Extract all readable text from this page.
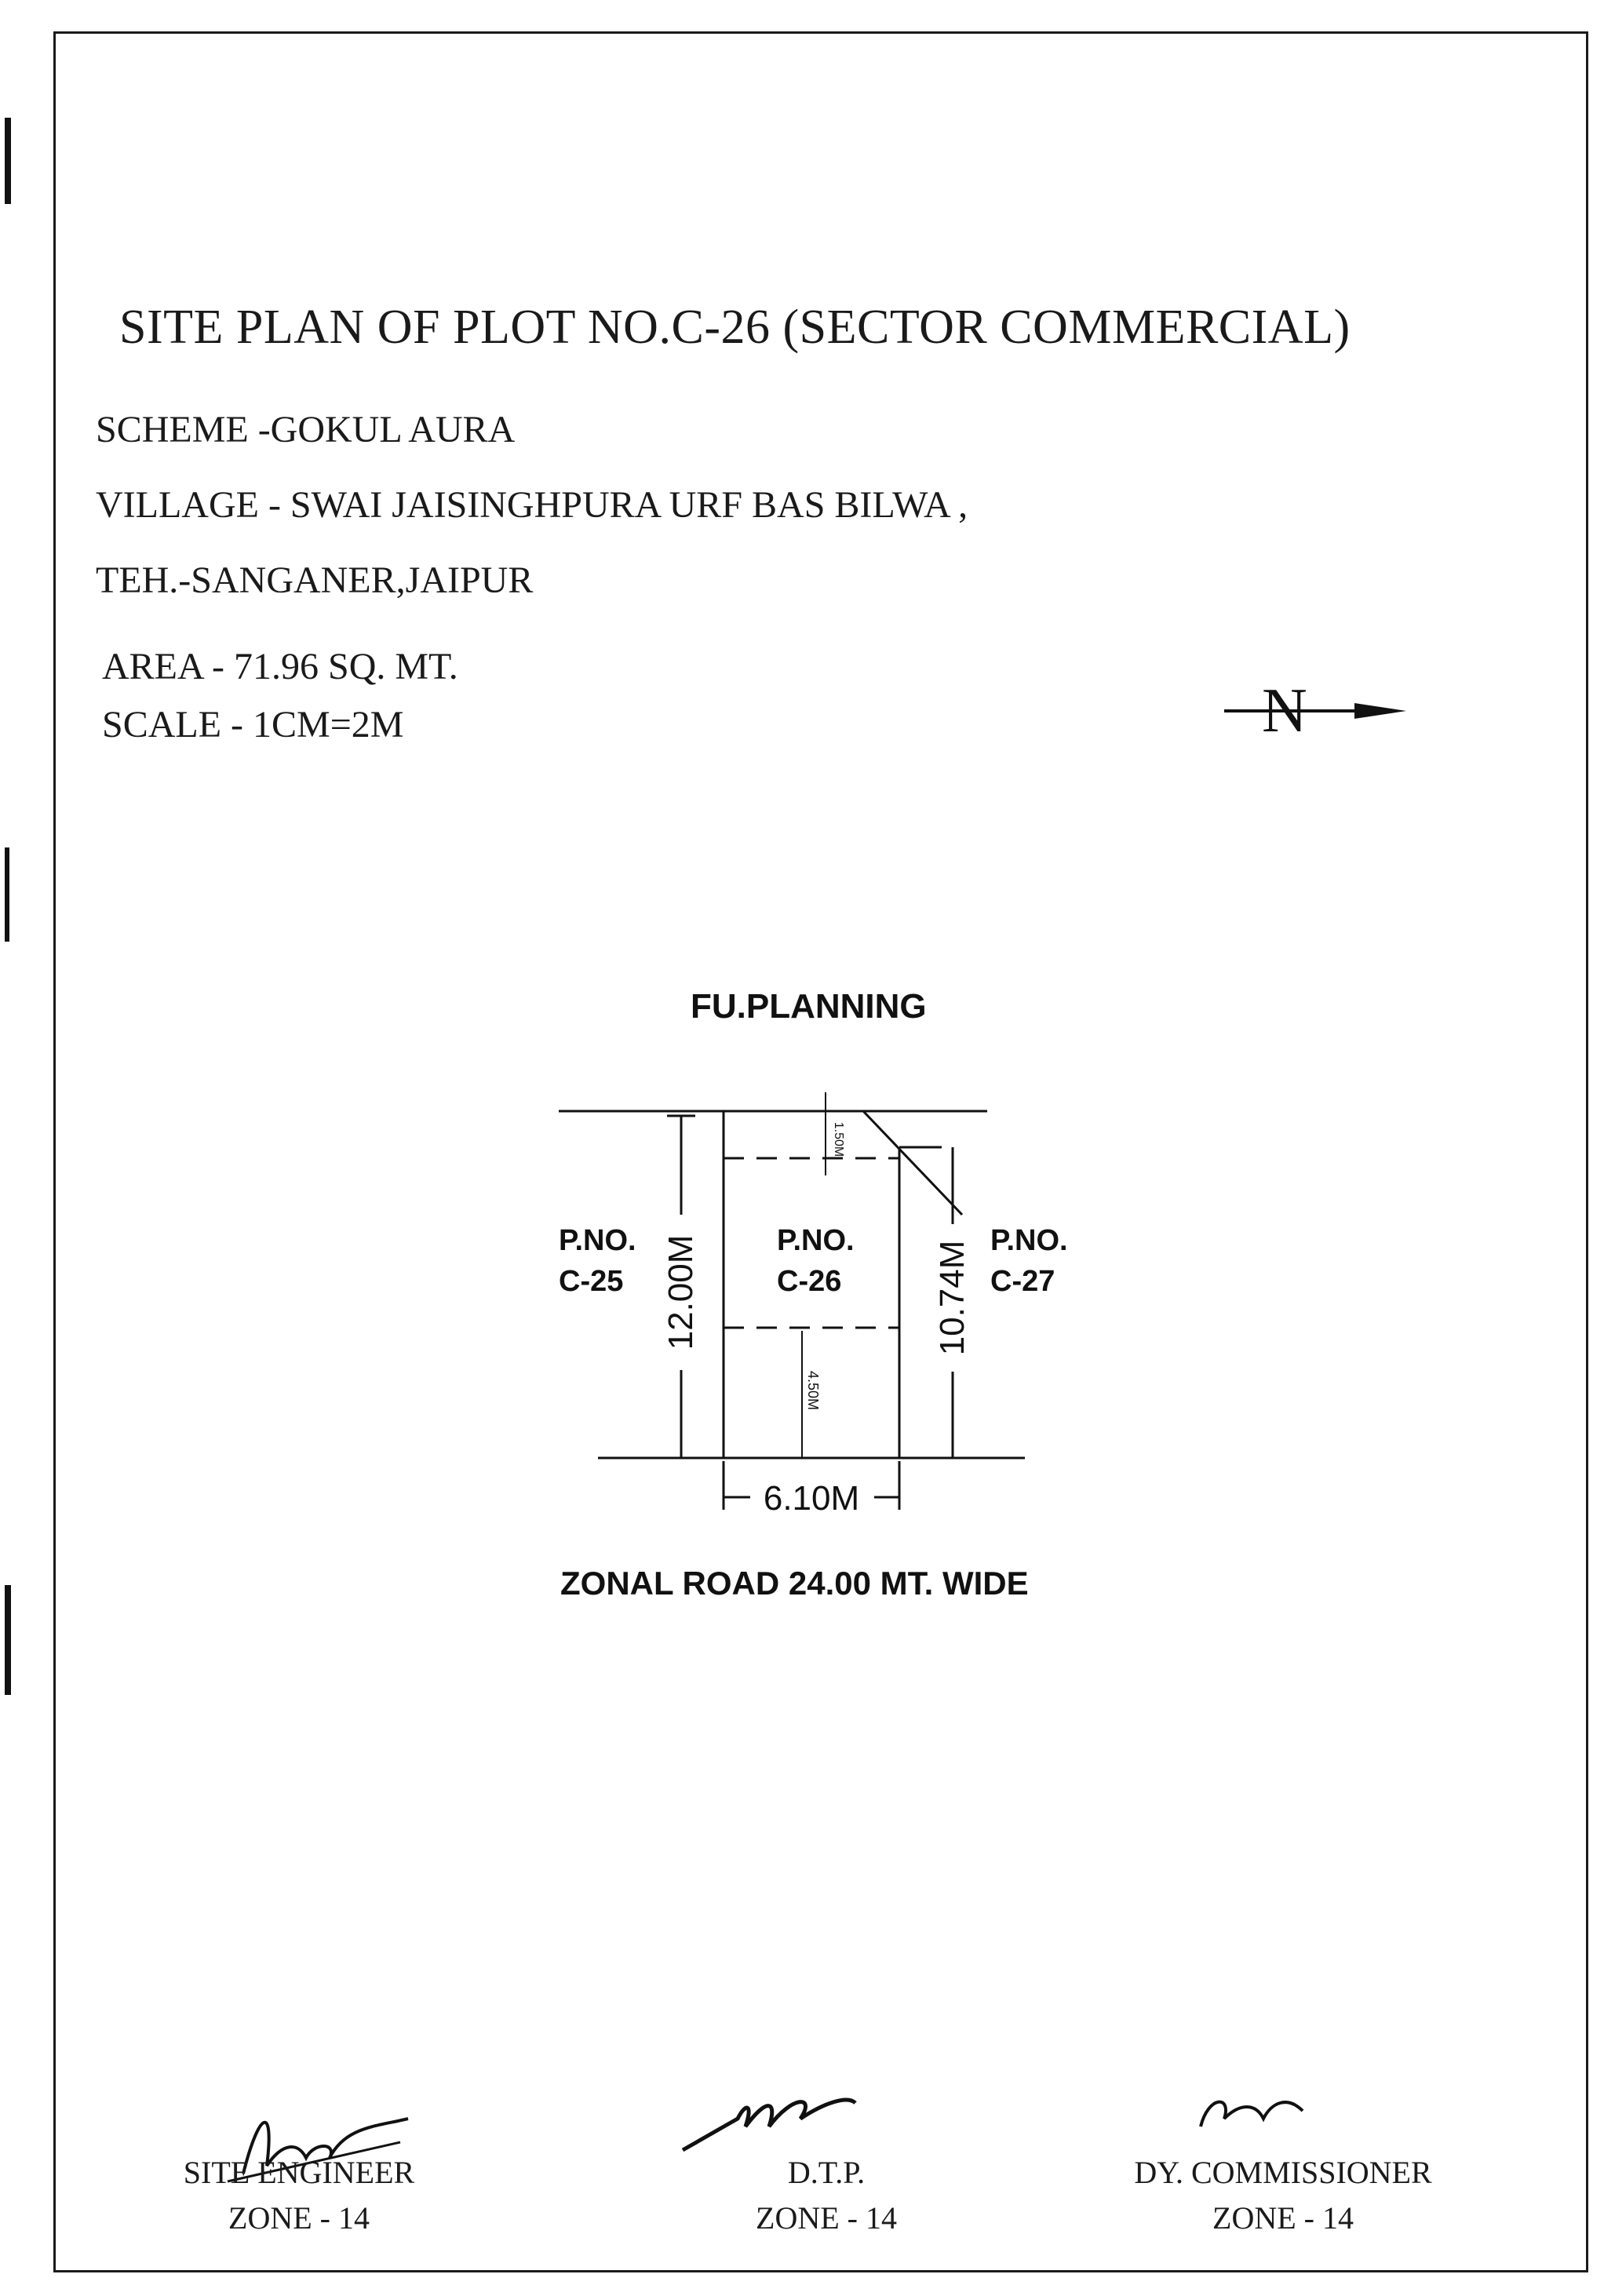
SITE PLAN OF PLOT NO.C-26 (SECTOR COMMERCIAL)
SCHEME -GOKUL AURA
VILLAGE - SWAI JAISINGHPURA URF BAS BILWA ,
TEH.-SANGANER,JAIPUR
AREA - 71.96 SQ. MT.
SCALE - 1CM=2M	N
FU.PLANNING
1.50M
4.50M
12.00M	10.74M
6.10M
P.NO.
C-25
P.NO.
C-26
P.NO.
C-27
ZONAL ROAD 24.00 MT. WIDE
SITE ENGINEER
ZONE - 14
D.T.P.
ZONE - 14
DY. COMMISSIONER
ZONE - 14
